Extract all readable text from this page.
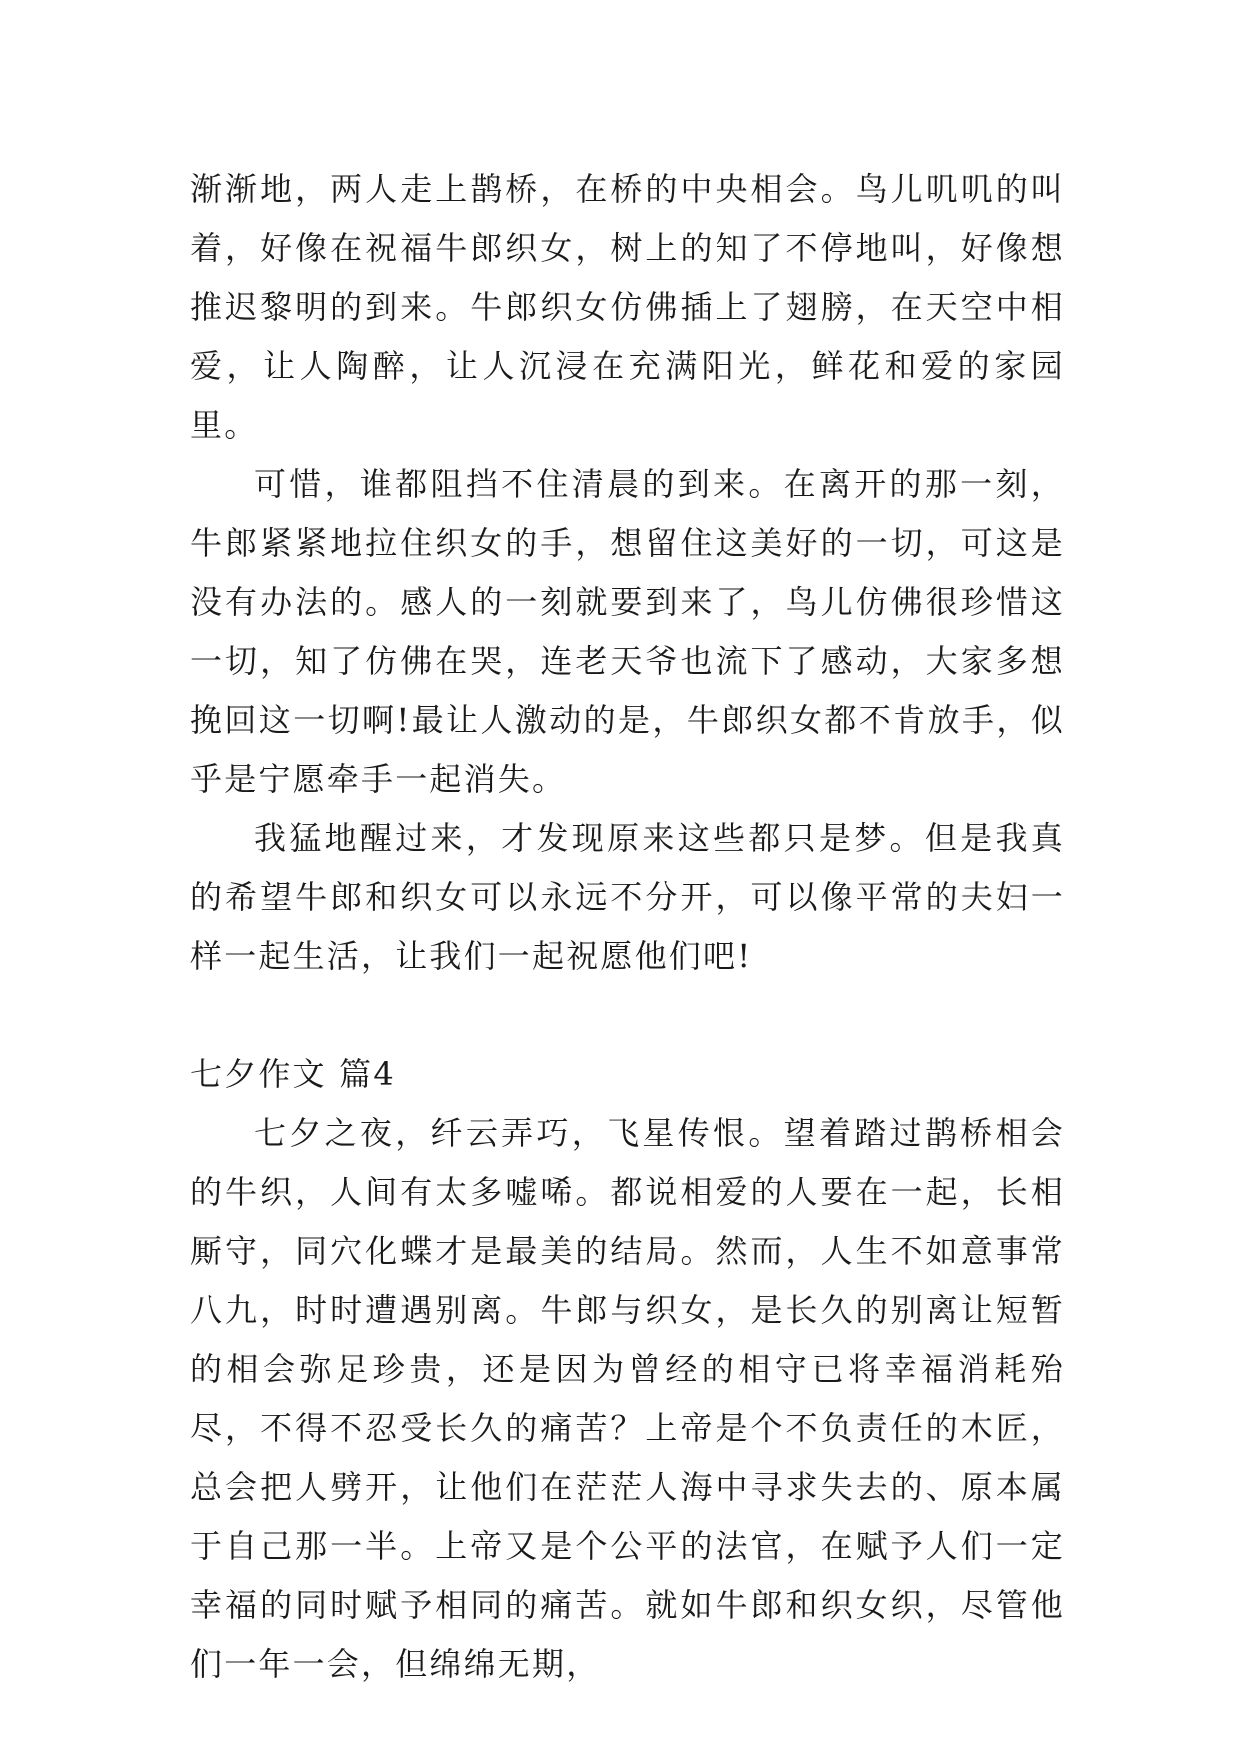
渐渐地，两人走上鹊桥，在桥的中央相会。鸟儿叽叽的叫着，好像在祝福牛郎织女，树上的知了不停地叫，好像想推迟黎明的到来。牛郎织女仿佛插上了翅膀，在天空中相爱，让人陶醉，让人沉浸在充满阳光，鲜花和爱的家园里。

可惜，谁都阻挡不住清晨的到来。在离开的那一刻，牛郎紧紧地拉住织女的手，想留住这美好的一切，可这是没有办法的。感人的一刻就要到来了，鸟儿仿佛很珍惜这一切，知了仿佛在哭，连老天爷也流下了感动，大家多想挽回这一切啊!最让人激动的是，牛郎织女都不肯放手，似乎是宁愿牵手一起消失。

我猛地醒过来，才发现原来这些都只是梦。但是我真的希望牛郎和织女可以永远不分开，可以像平常的夫妇一样一起生活，让我们一起祝愿他们吧!

七夕作文 篇4

七夕之夜，纤云弄巧，飞星传恨。望着踏过鹊桥相会的牛织，人间有太多嘘唏。都说相爱的人要在一起，长相厮守，同穴化蝶才是最美的结局。然而，人生不如意事常八九，时时遭遇别离。牛郎与织女，是长久的别离让短暂的相会弥足珍贵，还是因为曾经的相守已将幸福消耗殆尽，不得不忍受长久的痛苦？上帝是个不负责任的木匠，总会把人劈开，让他们在茫茫人海中寻求失去的、原本属于自己那一半。上帝又是个公平的法官，在赋予人们一定幸福的同时赋予相同的痛苦。就如牛郎和织女织，尽管他们一年一会，但绵绵无期，
